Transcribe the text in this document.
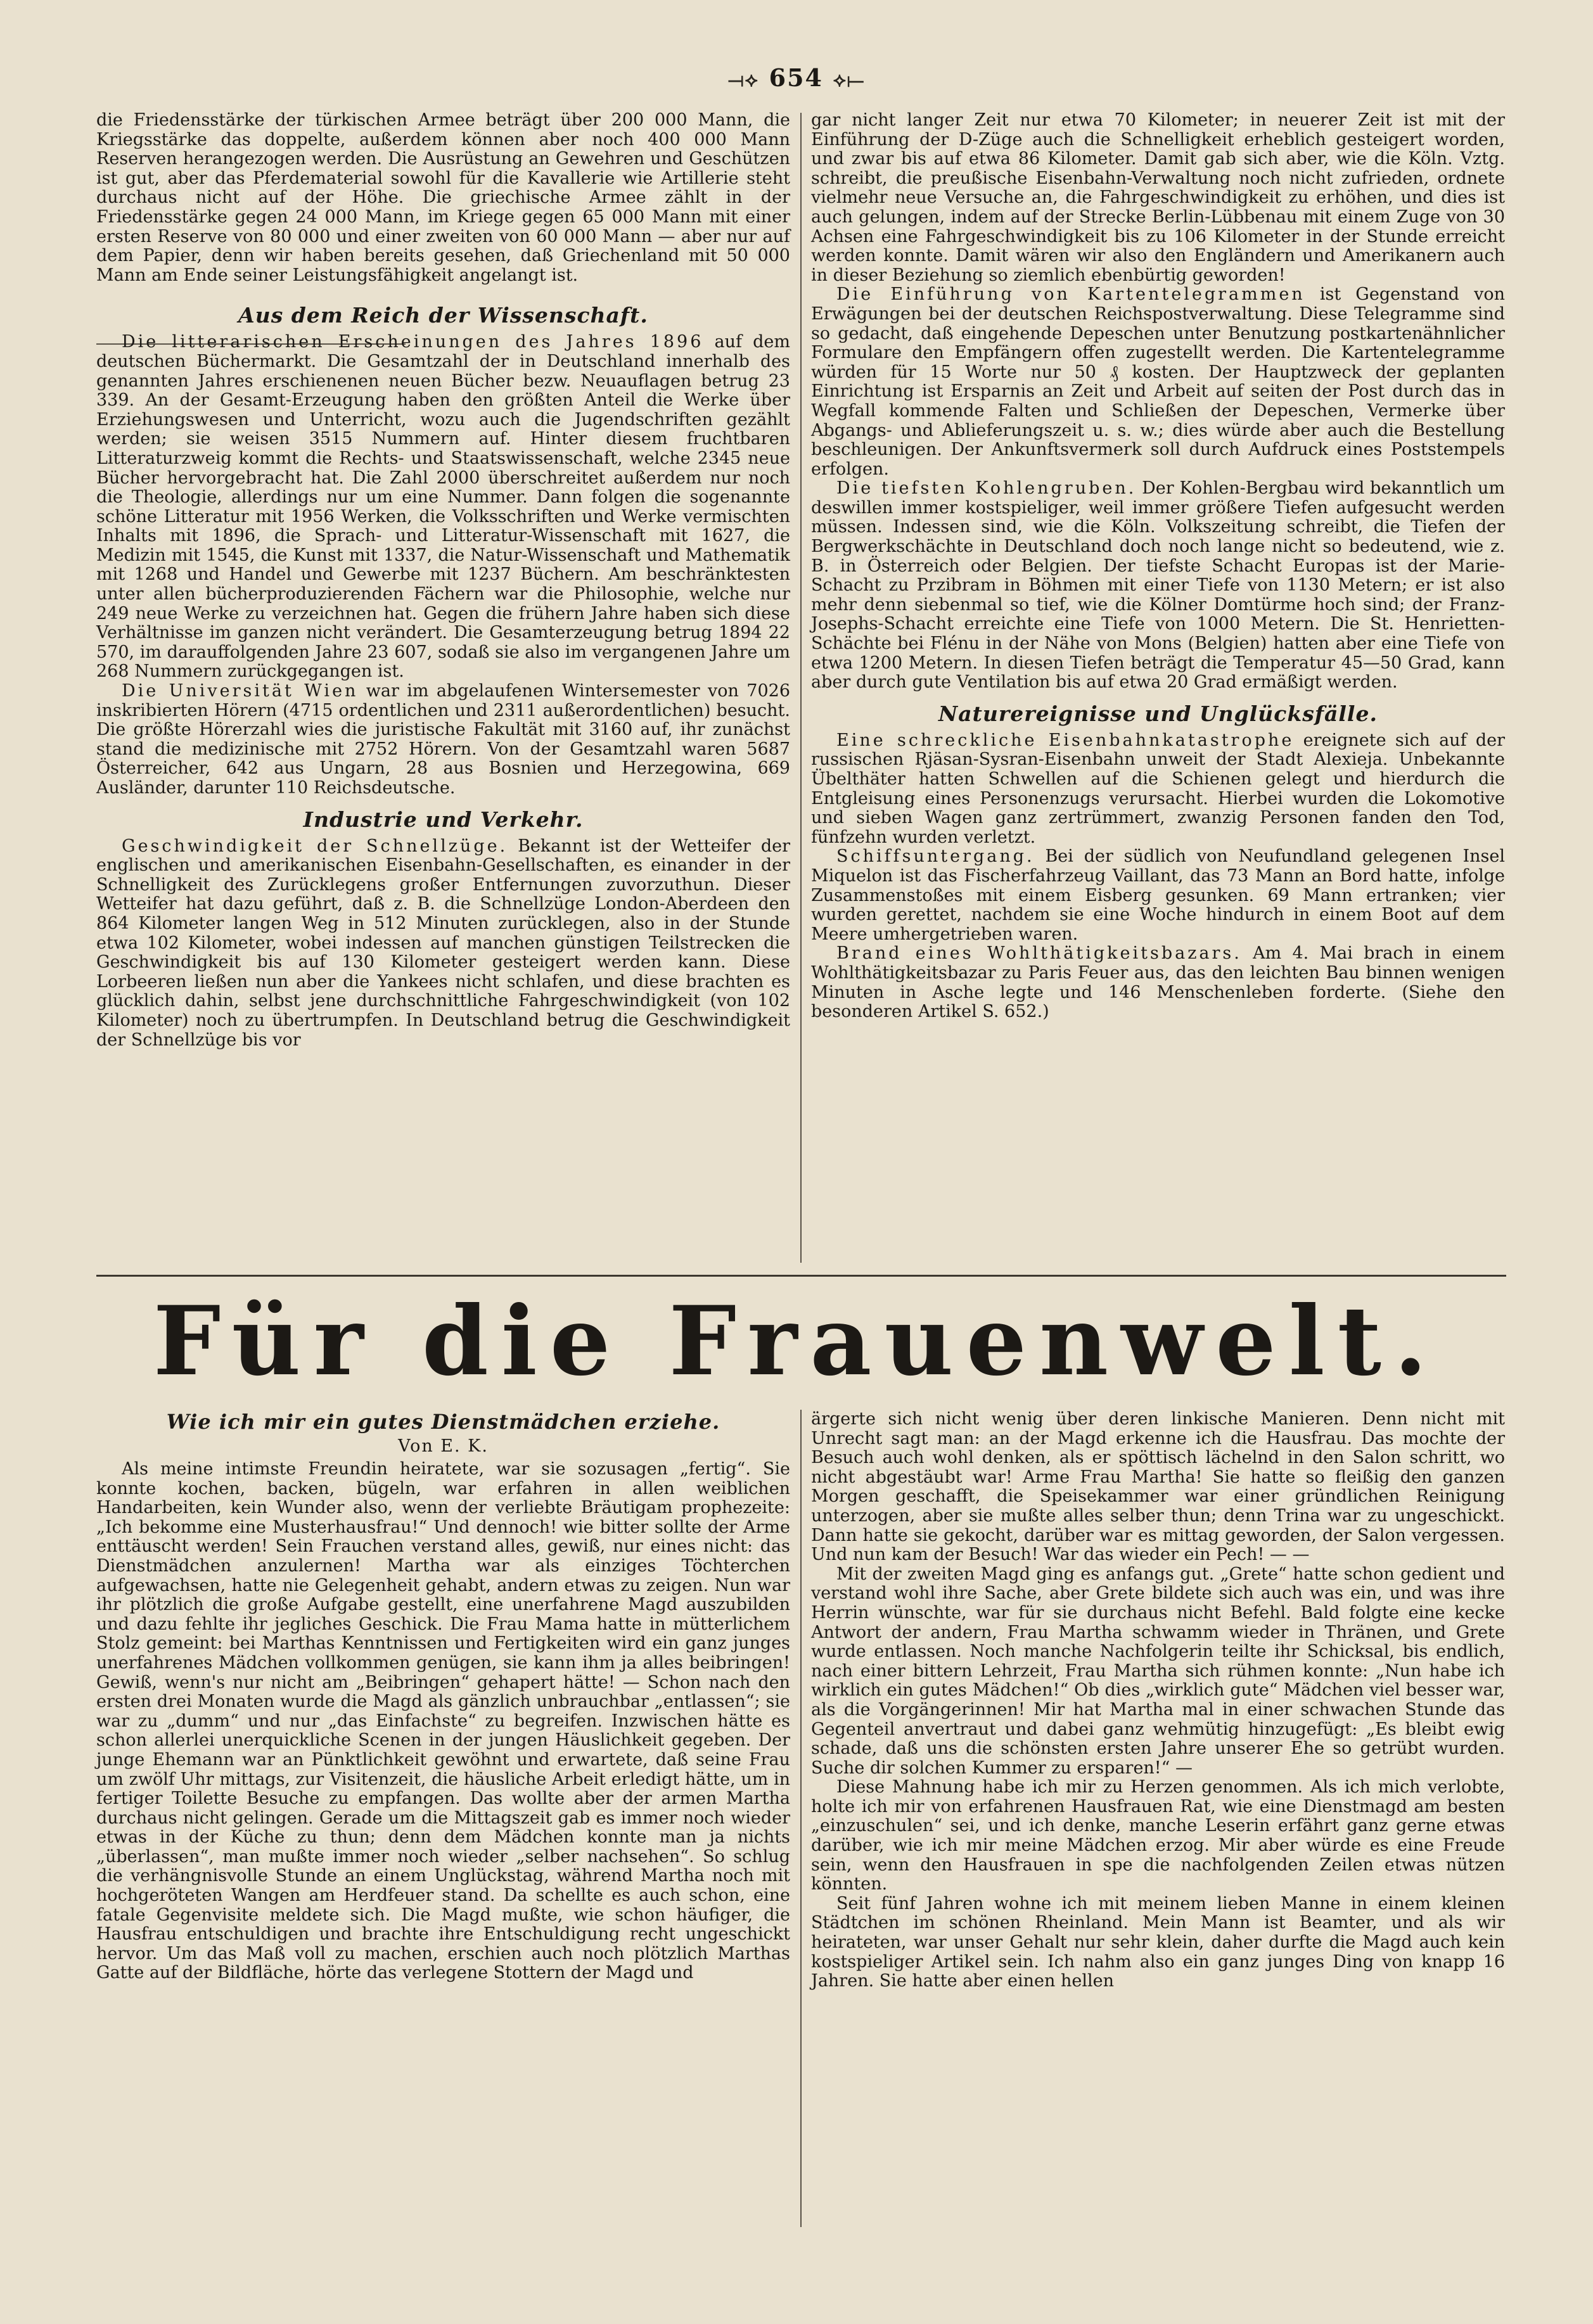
⟞⟡ 654 ⟡⟝

die Friedensstärke der türkischen Armee beträgt über 200 000 Mann, die Kriegsstärke das doppelte, außerdem können aber noch 400 000 Mann Reserven herangezogen werden. Die Ausrüstung an Gewehren und Geschützen ist gut, aber das Pferdematerial sowohl für die Kavallerie wie Artillerie steht durchaus nicht auf der Höhe. Die griechische Armee zählt in der Friedensstärke gegen 24 000 Mann, im Kriege gegen 65 000 Mann mit einer ersten Reserve von 80 000 und einer zweiten von 60 000 Mann — aber nur auf dem Papier, denn wir haben bereits gesehen, daß Griechenland mit 50 000 Mann am Ende seiner Leistungsfähigkeit angelangt ist.

Aus dem Reich der Wissenschaft.

Die litterarischen Erscheinungen des Jahres 1896 auf dem deutschen Büchermarkt. Die Gesamtzahl der in Deutschland innerhalb des genannten Jahres erschienenen neuen Bücher bezw. Neuauflagen betrug 23 339. An der Gesamt-Erzeugung haben den größten Anteil die Werke über Erziehungswesen und Unterricht, wozu auch die Jugendschriften gezählt werden; sie weisen 3515 Nummern auf. Hinter diesem fruchtbaren Litteraturzweig kommt die Rechts- und Staatswissenschaft, welche 2345 neue Bücher hervorgebracht hat. Die Zahl 2000 überschreitet außerdem nur noch die Theologie, allerdings nur um eine Nummer. Dann folgen die sogenannte schöne Litteratur mit 1956 Werken, die Volksschriften und Werke vermischten Inhalts mit 1896, die Sprach- und Litteratur-Wissenschaft mit 1627, die Medizin mit 1545, die Kunst mit 1337, die Natur-Wissenschaft und Mathematik mit 1268 und Handel und Gewerbe mit 1237 Büchern. Am beschränktesten unter allen bücherproduzierenden Fächern war die Philosophie, welche nur 249 neue Werke zu verzeichnen hat. Gegen die frühern Jahre haben sich diese Verhältnisse im ganzen nicht verändert. Die Gesamterzeugung betrug 1894 22 570, im darauffolgenden Jahre 23 607, sodaß sie also im vergangenen Jahre um 268 Nummern zurückgegangen ist.

Die Universität Wien war im abgelaufenen Wintersemester von 7026 inskribierten Hörern (4715 ordentlichen und 2311 außerordentlichen) besucht. Die größte Hörerzahl wies die juristische Fakultät mit 3160 auf, ihr zunächst stand die medizinische mit 2752 Hörern. Von der Gesamtzahl waren 5687 Österreicher, 642 aus Ungarn, 28 aus Bosnien und Herzegowina, 669 Ausländer, darunter 110 Reichsdeutsche.

Industrie und Verkehr.

Geschwindigkeit der Schnellzüge. Bekannt ist der Wetteifer der englischen und amerikanischen Eisenbahn-Gesellschaften, es einander in der Schnelligkeit des Zurücklegens großer Entfernungen zuvorzuthun. Dieser Wetteifer hat dazu geführt, daß z. B. die Schnellzüge London-Aberdeen den 864 Kilometer langen Weg in 512 Minuten zurücklegen, also in der Stunde etwa 102 Kilometer, wobei indessen auf manchen günstigen Teilstrecken die Geschwindigkeit bis auf 130 Kilometer gesteigert werden kann. Diese Lorbeeren ließen nun aber die Yankees nicht schlafen, und diese brachten es glücklich dahin, selbst jene durchschnittliche Fahrgeschwindigkeit (von 102 Kilometer) noch zu übertrumpfen. In Deutschland betrug die Geschwindigkeit der Schnellzüge bis vor

gar nicht langer Zeit nur etwa 70 Kilometer; in neuerer Zeit ist mit der Einführung der D-Züge auch die Schnelligkeit erheblich gesteigert worden, und zwar bis auf etwa 86 Kilometer. Damit gab sich aber, wie die Köln. Vztg. schreibt, die preußische Eisenbahn-Verwaltung noch nicht zufrieden, ordnete vielmehr neue Versuche an, die Fahrgeschwindigkeit zu erhöhen, und dies ist auch gelungen, indem auf der Strecke Berlin-Lübbenau mit einem Zuge von 30 Achsen eine Fahrgeschwindigkeit bis zu 106 Kilometer in der Stunde erreicht werden konnte. Damit wären wir also den Engländern und Amerikanern auch in dieser Beziehung so ziemlich ebenbürtig geworden!

Die Einführung von Kartentelegrammen ist Gegenstand von Erwägungen bei der deutschen Reichspostverwaltung. Diese Telegramme sind so gedacht, daß eingehende Depeschen unter Benutzung postkartenähnlicher Formulare den Empfängern offen zugestellt werden. Die Kartentelegramme würden für 15 Worte nur 50 ₰ kosten. Der Hauptzweck der geplanten Einrichtung ist Ersparnis an Zeit und Arbeit auf seiten der Post durch das in Wegfall kommende Falten und Schließen der Depeschen, Vermerke über Abgangs- und Ablieferungszeit u. s. w.; dies würde aber auch die Bestellung beschleunigen. Der Ankunftsvermerk soll durch Aufdruck eines Poststempels erfolgen.

Die tiefsten Kohlengruben. Der Kohlen-Bergbau wird bekanntlich um deswillen immer kostspieliger, weil immer größere Tiefen aufgesucht werden müssen. Indessen sind, wie die Köln. Volkszeitung schreibt, die Tiefen der Bergwerkschächte in Deutschland doch noch lange nicht so bedeutend, wie z. B. in Österreich oder Belgien. Der tiefste Schacht Europas ist der Marie-Schacht zu Przibram in Böhmen mit einer Tiefe von 1130 Metern; er ist also mehr denn siebenmal so tief, wie die Kölner Domtürme hoch sind; der Franz-Josephs-Schacht erreichte eine Tiefe von 1000 Metern. Die St. Henrietten-Schächte bei Flénu in der Nähe von Mons (Belgien) hatten aber eine Tiefe von etwa 1200 Metern. In diesen Tiefen beträgt die Temperatur 45—50 Grad, kann aber durch gute Ventilation bis auf etwa 20 Grad ermäßigt werden.

Naturereignisse und Unglücksfälle.

Eine schreckliche Eisenbahnkatastrophe ereignete sich auf der russischen Rjäsan-Sysran-Eisenbahn unweit der Stadt Alexieja. Unbekannte Übelthäter hatten Schwellen auf die Schienen gelegt und hierdurch die Entgleisung eines Personenzugs verursacht. Hierbei wurden die Lokomotive und sieben Wagen ganz zertrümmert, zwanzig Personen fanden den Tod, fünfzehn wurden verletzt.

Schiffsuntergang. Bei der südlich von Neufundland gelegenen Insel Miquelon ist das Fischerfahrzeug Vaillant, das 73 Mann an Bord hatte, infolge Zusammenstoßes mit einem Eisberg gesunken. 69 Mann ertranken; vier wurden gerettet, nachdem sie eine Woche hindurch in einem Boot auf dem Meere umhergetrieben waren.

Brand eines Wohlthätigkeitsbazars. Am 4. Mai brach in einem Wohlthätigkeitsbazar zu Paris Feuer aus, das den leichten Bau binnen wenigen Minuten in Asche legte und 146 Menschenleben forderte. (Siehe den besonderen Artikel S. 652.)

Für die Frauenwelt.
Wie ich mir ein gutes Dienstmädchen erziehe.
Von E. K.

Als meine intimste Freundin heiratete, war sie sozusagen „fertig“. Sie konnte kochen, backen, bügeln, war erfahren in allen weiblichen Handarbeiten, kein Wunder also, wenn der verliebte Bräutigam prophezeite: „Ich bekomme eine Musterhausfrau!“ Und dennoch! wie bitter sollte der Arme enttäuscht werden! Sein Frauchen verstand alles, gewiß, nur eines nicht: das Dienstmädchen anzulernen! Martha war als einziges Töchterchen aufgewachsen, hatte nie Gelegenheit gehabt, andern etwas zu zeigen. Nun war ihr plötzlich die große Aufgabe gestellt, eine unerfahrene Magd auszubilden und dazu fehlte ihr jegliches Geschick. Die Frau Mama hatte in mütterlichem Stolz gemeint: bei Marthas Kenntnissen und Fertigkeiten wird ein ganz junges unerfahrenes Mädchen vollkommen genügen, sie kann ihm ja alles beibringen! Gewiß, wenn's nur nicht am „Beibringen“ gehapert hätte! — Schon nach den ersten drei Monaten wurde die Magd als gänzlich unbrauchbar „entlassen“; sie war zu „dumm“ und nur „das Einfachste“ zu begreifen. Inzwischen hätte es schon allerlei unerquickliche Scenen in der jungen Häuslichkeit gegeben. Der junge Ehemann war an Pünktlichkeit gewöhnt und erwartete, daß seine Frau um zwölf Uhr mittags, zur Visitenzeit, die häusliche Arbeit erledigt hätte, um in fertiger Toilette Besuche zu empfangen. Das wollte aber der armen Martha durchaus nicht gelingen. Gerade um die Mittagszeit gab es immer noch wieder etwas in der Küche zu thun; denn dem Mädchen konnte man ja nichts „überlassen“, man mußte immer noch wieder „selber nachsehen“. So schlug die verhängnisvolle Stunde an einem Unglückstag, während Martha noch mit hochgeröteten Wangen am Herdfeuer stand. Da schellte es auch schon, eine fatale Gegenvisite meldete sich. Die Magd mußte, wie schon häufiger, die Hausfrau entschuldigen und brachte ihre Entschuldigung recht ungeschickt hervor. Um das Maß voll zu machen, erschien auch noch plötzlich Marthas Gatte auf der Bildfläche, hörte das verlegene Stottern der Magd und

ärgerte sich nicht wenig über deren linkische Manieren. Denn nicht mit Unrecht sagt man: an der Magd erkenne ich die Hausfrau. Das mochte der Besuch auch wohl denken, als er spöttisch lächelnd in den Salon schritt, wo nicht abgestäubt war! Arme Frau Martha! Sie hatte so fleißig den ganzen Morgen geschafft, die Speisekammer war einer gründlichen Reinigung unterzogen, aber sie mußte alles selber thun; denn Trina war zu ungeschickt. Dann hatte sie gekocht, darüber war es mittag geworden, der Salon vergessen. Und nun kam der Besuch! War das wieder ein Pech! — —

Mit der zweiten Magd ging es anfangs gut. „Grete“ hatte schon gedient und verstand wohl ihre Sache, aber Grete bildete sich auch was ein, und was ihre Herrin wünschte, war für sie durchaus nicht Befehl. Bald folgte eine kecke Antwort der andern, Frau Martha schwamm wieder in Thränen, und Grete wurde entlassen. Noch manche Nachfolgerin teilte ihr Schicksal, bis endlich, nach einer bittern Lehrzeit, Frau Martha sich rühmen konnte: „Nun habe ich wirklich ein gutes Mädchen!“ Ob dies „wirklich gute“ Mädchen viel besser war, als die Vorgängerinnen! Mir hat Martha mal in einer schwachen Stunde das Gegenteil anvertraut und dabei ganz wehmütig hinzugefügt: „Es bleibt ewig schade, daß uns die schönsten ersten Jahre unserer Ehe so getrübt wurden. Suche dir solchen Kummer zu ersparen!“ —

Diese Mahnung habe ich mir zu Herzen genommen. Als ich mich verlobte, holte ich mir von erfahrenen Hausfrauen Rat, wie eine Dienstmagd am besten „einzuschulen“ sei, und ich denke, manche Leserin erfährt ganz gerne etwas darüber, wie ich mir meine Mädchen erzog. Mir aber würde es eine Freude sein, wenn den Hausfrauen in spe die nachfolgenden Zeilen etwas nützen könnten.

Seit fünf Jahren wohne ich mit meinem lieben Manne in einem kleinen Städtchen im schönen Rheinland. Mein Mann ist Beamter, und als wir heirateten, war unser Gehalt nur sehr klein, daher durfte die Magd auch kein kostspieliger Artikel sein. Ich nahm also ein ganz junges Ding von knapp 16 Jahren. Sie hatte aber einen hellen
